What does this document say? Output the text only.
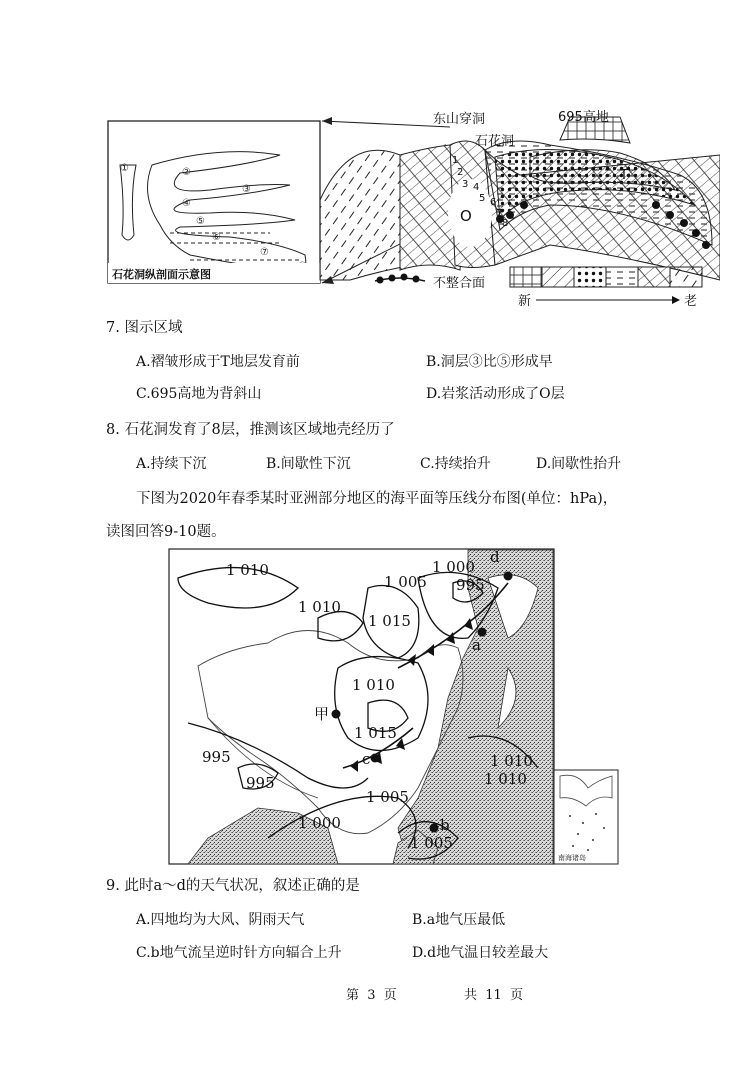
①	②
③
④
⑤
⑥
⑦
石花洞纵剖面示意图
1
2
3 4
5 6
7
8
东山穿洞
石花洞
695高地
T
O
不整合面
新	老
7. 图示区域
A.褶皱形成于T地层发育前	B.洞层③比⑤形成早
C.695高地为背斜山	D.岩浆活动形成了O层
8. 石花洞发育了8层，推测该区域地壳经历了
A.持续下沉	B.间歇性下沉	C.持续抬升	D.间歇性抬升
下图为2020年春季某时亚洲部分地区的海平面等压线分布图(单位：hPa)，
读图回答9-10题。
a
b
c
d
甲
1 010
1 010
1 015
1 005
1 000
995
1 010
1 015
995
995
1 005
1 000
1 010
1 010
1 005
南海诸岛
9. 此时a～d的天气状况，叙述正确的是
A.四地均为大风、阴雨天气	B.a地气压最低
C.b地气流呈逆时针方向辐合上升	D.d地气温日较差最大
第  3  页	共  11  页
